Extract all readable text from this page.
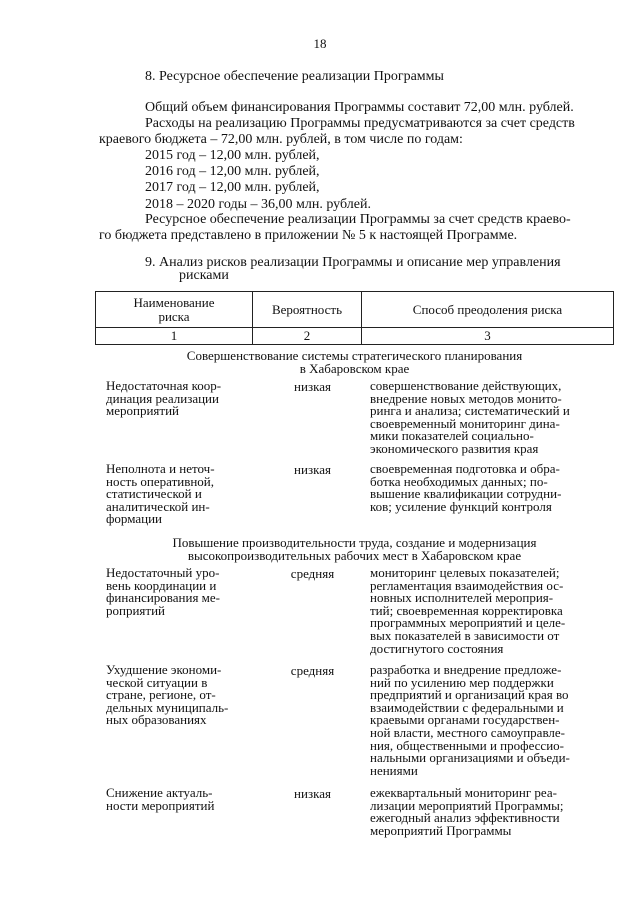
18
8. Ресурсное обеспечение реализации Программы
Общий объем финансирования Программы составит 72,00 млн. рублей.
Расходы на реализацию Программы предусматриваются за счет средств
краевого бюджета – 72,00 млн. рублей, в том числе по годам:
2015 год – 12,00 млн. рублей,
2016 год – 12,00 млн. рублей,
2017 год – 12,00 млн. рублей,
2018 – 2020 годы – 36,00 млн. рублей.
Ресурсное обеспечение реализации Программы за счет средств краево-
го бюджета представлено в приложении № 5 к настоящей Программе.
9. Анализ рисков реализации Программы и описание мер управления
рисками
Наименование
риска	Вероятность	Способ преодоления риска
1	2	3
Совершенствование системы стратегического планирования
в Хабаровском крае
Недостаточная коор-
динация реализации
мероприятий
низкая	совершенствование действующих,
внедрение новых методов монито-
ринга и анализа; систематический и
своевременный мониторинг дина-
мики показателей социально-
экономического развития края
Неполнота и неточ-
ность оперативной,
статистической и
аналитической ин-
формации
низкая	своевременная подготовка и обра-
ботка необходимых данных; по-
вышение квалификации сотрудни-
ков; усиление функций контроля
Повышение производительности труда, создание и модернизация
высокопроизводительных рабочих мест в Хабаровском крае
Недостаточный уро-
вень координации и
финансирования ме-
роприятий
средняя	мониторинг целевых показателей;
регламентация взаимодействия ос-
новных исполнителей мероприя-
тий; своевременная корректировка
программных мероприятий и целе-
вых показателей в зависимости от
достигнутого состояния
Ухудшение экономи-
ческой ситуации в
стране, регионе, от-
дельных муниципаль-
ных образованиях
средняя	разработка и внедрение предложе-
ний по усилению мер поддержки
предприятий и организаций края во
взаимодействии с федеральными и
краевыми органами государствен-
ной власти, местного самоуправле-
ния, общественными и профессио-
нальными организациями и объеди-
нениями
Снижение актуаль-
ности мероприятий
низкая	ежеквартальный мониторинг реа-
лизации мероприятий Программы;
ежегодный анализ эффективности
мероприятий Программы
